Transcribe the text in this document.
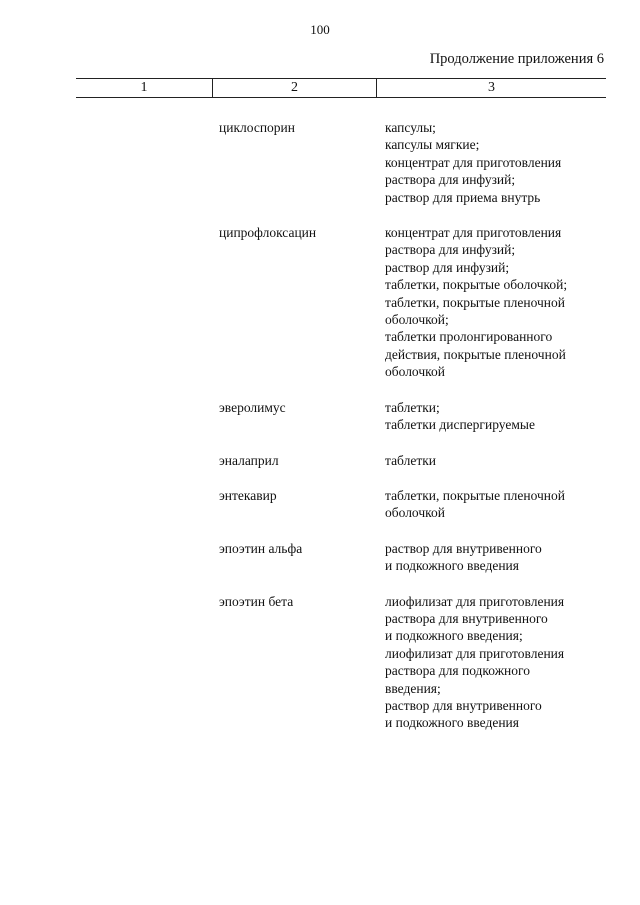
100
Продолжение приложения 6
1	2	3
циклоспорин	капсулы;
капсулы мягкие;
концентрат для приготовления
раствора для инфузий;
раствор для приема внутрь
ципрофлоксацин	концентрат для приготовления
раствора для инфузий;
раствор для инфузий;
таблетки, покрытые оболочкой;
таблетки, покрытые пленочной
оболочкой;
таблетки пролонгированного
действия, покрытые пленочной
оболочкой
эверолимус	таблетки;
таблетки диспергируемые
эналаприл	таблетки
энтекавир	таблетки, покрытые пленочной
оболочкой
эпоэтин альфа	раствор для внутривенного
и подкожного введения
эпоэтин бета	лиофилизат для приготовления
раствора для внутривенного
и подкожного введения;
лиофилизат для приготовления
раствора для подкожного
введения;
раствор для внутривенного
и подкожного введения
